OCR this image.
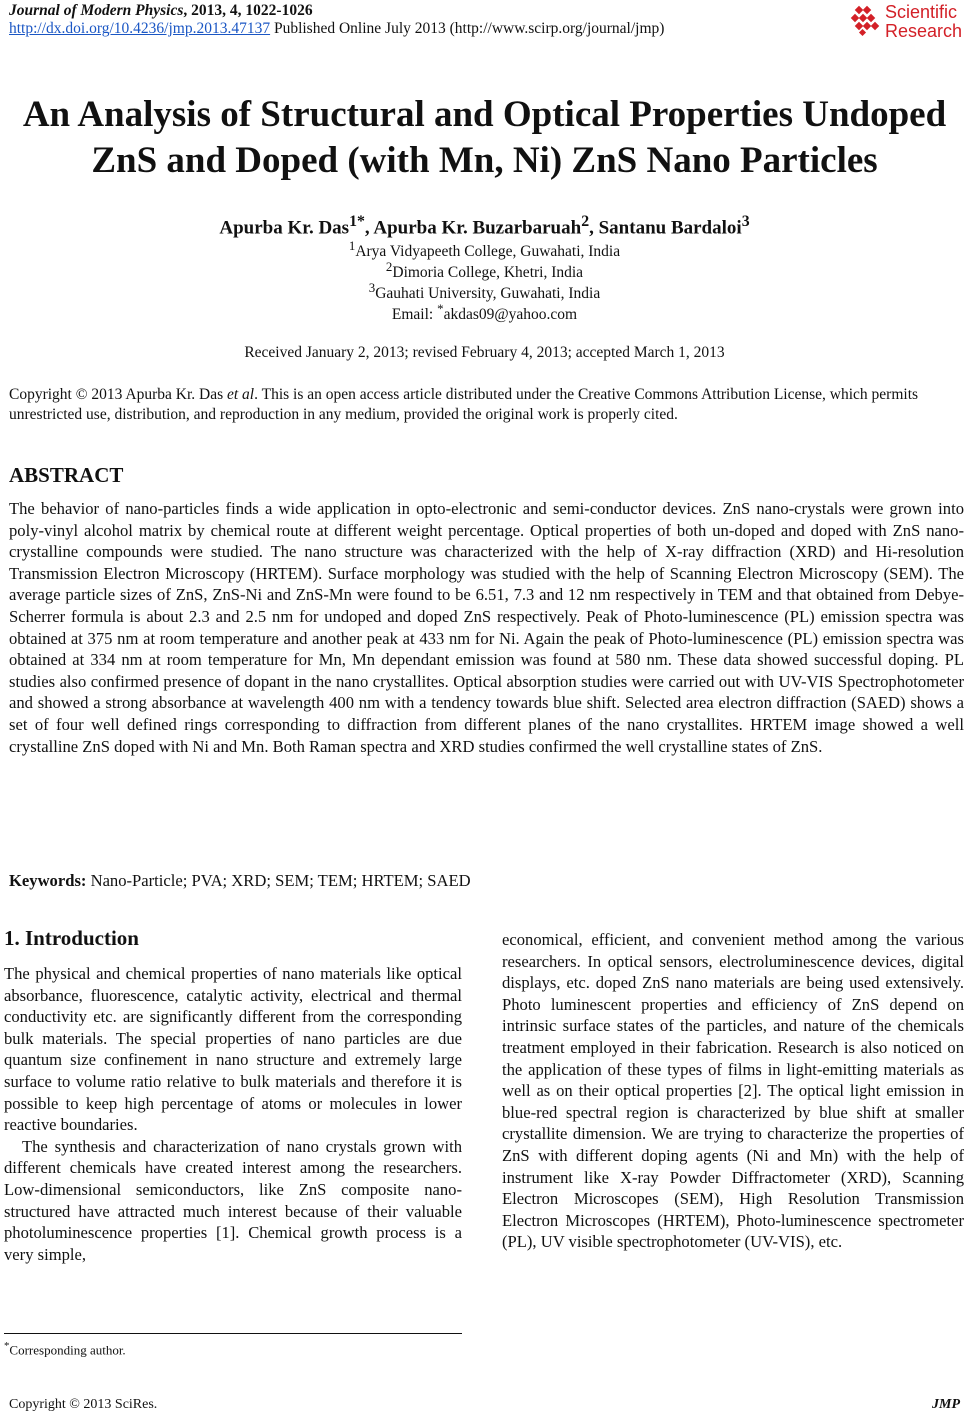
Journal of Modern Physics, 2013, 4, 1022-1026
http://dx.doi.org/10.4236/jmp.2013.47137 Published Online July 2013 (http://www.scirp.org/journal/jmp)
Scientific
Research
An Analysis of Structural and Optical Properties Undoped
ZnS and Doped (with Mn, Ni) ZnS Nano Particles
Apurba Kr. Das$^{1*}$, Apurba Kr. Buzarbaruah$^2$, Santanu Bardaloi$^3$
$^1$Arya Vidyapeeth College, Guwahati, India
$^2$Dimoria College, Khetri, India
$^3$Gauhati University, Guwahati, India
Email: *akdas09@yahoo.com
Received January 2, 2013; revised February 4, 2013; accepted March 1, 2013
Copyright © 2013 Apurba Kr. Das et al. This is an open access article distributed under the Creative Commons Attribution License, which permits unrestricted use, distribution, and reproduction in any medium, provided the original work is properly cited.
ABSTRACT
The behavior of nano-particles finds a wide application in opto-electronic and semi-conductor devices. ZnS nano-crystals were grown into poly-vinyl alcohol matrix by chemical route at different weight percentage. Optical properties of both un-doped and doped with ZnS nano-crystalline compounds were studied. The nano structure was characterized with the help of X-ray diffraction (XRD) and Hi-resolution Transmission Electron Microscopy (HRTEM). Surface morphology was studied with the help of Scanning Electron Microscopy (SEM). The average particle sizes of ZnS, ZnS-Ni and ZnS-Mn were found to be 6.51, 7.3 and 12 nm respectively in TEM and that obtained from Debye-Scherrer formula is about 2.3 and 2.5 nm for undoped and doped ZnS respectively. Peak of Photo-luminescence (PL) emission spectra was obtained at 375 nm at room temperature and another peak at 433 nm for Ni. Again the peak of Photo-luminescence (PL) emission spectra was obtained at 334 nm at room temperature for Mn, Mn dependant emission was found at 580 nm. These data showed successful doping. PL studies also confirmed presence of dopant in the nano crystallites. Optical absorption studies were carried out with UV-VIS Spectrophotometer and showed a strong absorbance at wavelength 400 nm with a tendency towards blue shift. Selected area electron diffraction (SAED) shows a set of four well defined rings corresponding to diffraction from different planes of the nano crystallites. HRTEM image showed a well crystalline ZnS doped with Ni and Mn. Both Raman spectra and XRD studies confirmed the well crystalline states of ZnS.
Keywords: Nano-Particle; PVA; XRD; SEM; TEM; HRTEM; SAED
1. Introduction

The physical and chemical properties of nano materials like optical absorbance, fluorescence, catalytic activity, electrical and thermal conductivity etc. are significantly different from the corresponding bulk materials. The special properties of nano particles are due quantum size confinement in nano structure and extremely large surface to volume ratio relative to bulk materials and therefore it is possible to keep high percentage of atoms or molecules in lower reactive boundaries.

The synthesis and characterization of nano crystals grown with different chemicals have created interest among the researchers. Low-dimensional semiconductors, like ZnS composite nano-structured have attracted much interest because of their valuable photoluminescence properties [1]. Chemical growth process is a very simple,

economical, efficient, and convenient method among the various researchers. In optical sensors, electroluminescence devices, digital displays, etc. doped ZnS nano materials are being used extensively. Photo luminescent properties and efficiency of ZnS depend on intrinsic surface states of the particles, and nature of the chemicals treatment employed in their fabrication. Research is also noticed on the application of these types of films in light-emitting materials as well as on their optical properties [2]. The optical light emission in blue-red spectral region is characterized by blue shift at smaller crystallite dimension. We are trying to characterize the properties of ZnS with different doping agents (Ni and Mn) with the help of instrument like X-ray Powder Diffractometer (XRD), Scanning Electron Microscopes (SEM), High Resolution Transmission Electron Microscopes (HRTEM), Photo-luminescence spectrometer (PL), UV visible spectrophotometer (UV-VIS), etc.

*Corresponding author.
Copyright © 2013 SciRes.	JMP
